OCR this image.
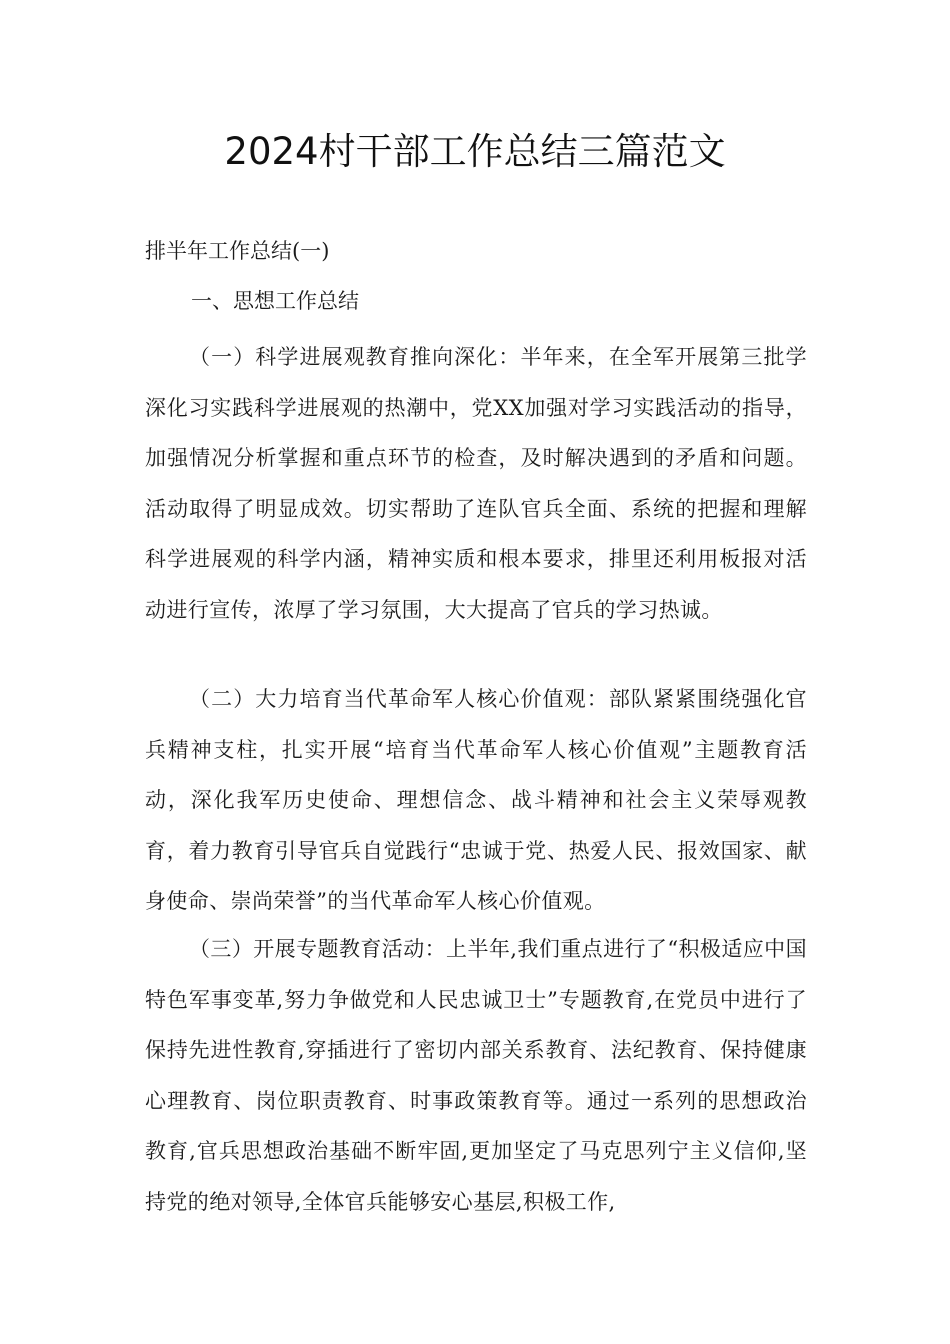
2024村干部工作总结三篇范文
排半年工作总结(一)
一、思想工作总结

（一）科学进展观教育推向深化：半年来，在全军开展第三批学深化习实践科学进展观的热潮中，党XX加强对学习实践活动的指导，加强情况分析掌握和重点环节的检查，及时解决遇到的矛盾和问题。活动取得了明显成效。切实帮助了连队官兵全面、系统的把握和理解科学进展观的科学内涵，精神实质和根本要求，排里还利用板报对活动进行宣传，浓厚了学习氛围，大大提高了官兵的学习热诚。

（二）大力培育当代革命军人核心价值观：部队紧紧围绕强化官兵精神支柱，扎实开展“培育当代革命军人核心价值观”主题教育活动，深化我军历史使命、理想信念、战斗精神和社会主义荣辱观教育，着力教育引导官兵自觉践行“忠诚于党、热爱人民、报效国家、献身使命、崇尚荣誉”的当代革命军人核心价值观。

（三）开展专题教育活动：上半年,我们重点进行了“积极适应中国特色军事变革,努力争做党和人民忠诚卫士”专题教育,在党员中进行了保持先进性教育,穿插进行了密切内部关系教育、法纪教育、保持健康心理教育、岗位职责教育、时事政策教育等。通过一系列的思想政治教育,官兵思想政治基础不断牢固,更加坚定了马克思列宁主义信仰,坚持党的绝对领导,全体官兵能够安心基层,积极工作,
